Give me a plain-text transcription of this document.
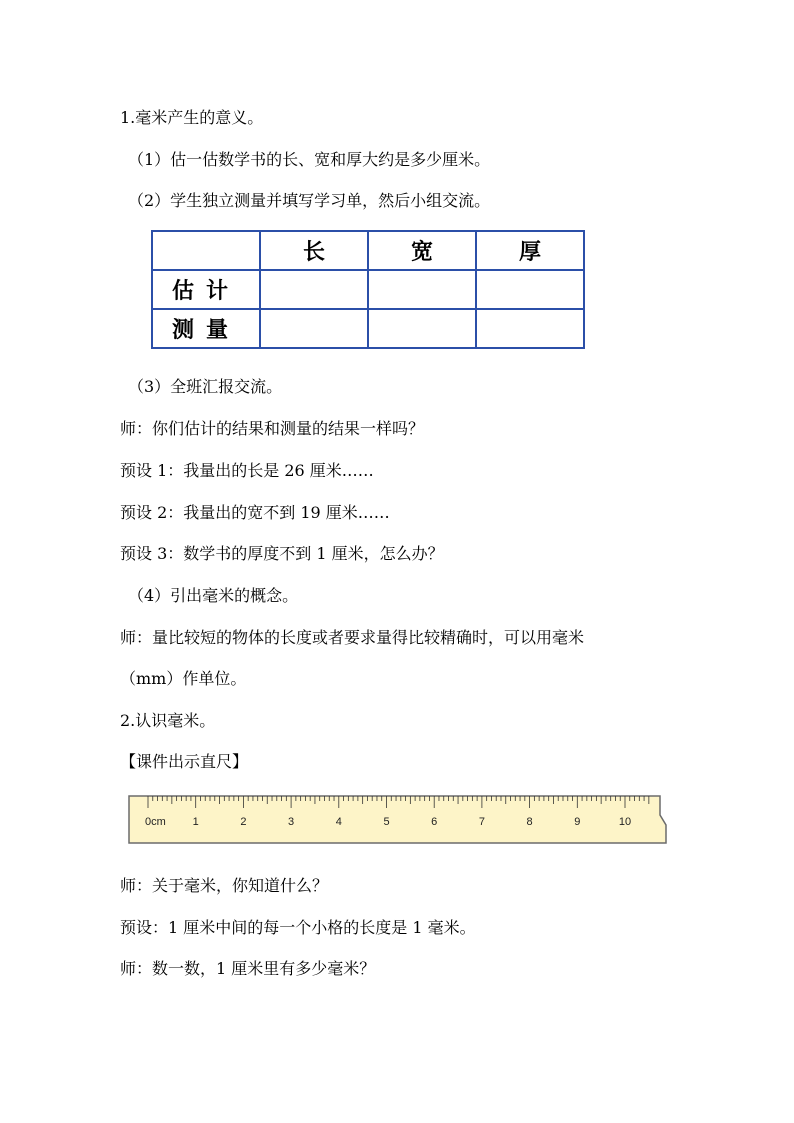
1.毫米产生的意义。
（1）估一估数学书的长、宽和厚大约是多少厘米。
（2）学生独立测量并填写学习单，然后小组交流。
	长	宽	厚
估计			
测量			
（3）全班汇报交流。
师：你们估计的结果和测量的结果一样吗？
预设 1：我量出的长是 26 厘米……
预设 2：我量出的宽不到 19 厘米……
预设 3：数学书的厚度不到 1 厘米，怎么办？
（4）引出毫米的概念。
师：量比较短的物体的长度或者要求量得比较精确时，可以用毫米
（mm）作单位。
2.认识毫米。
【课件出示直尺】
0cm 1	2	3	4	5	6	7	8	9	10
师：关于毫米，你知道什么？
预设：1 厘米中间的每一个小格的长度是 1 毫米。
师：数一数，1 厘米里有多少毫米？
